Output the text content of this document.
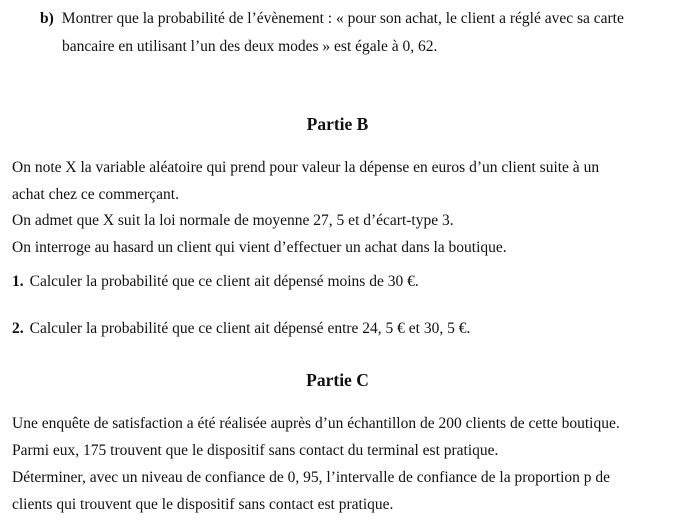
b) Montrer que la probabilité de l’évènement : « pour son achat, le client a réglé avec sa carte
bancaire en utilisant l’un des deux modes » est égale à 0, 62.
Partie B
On note X la variable aléatoire qui prend pour valeur la dépense en euros d’un client suite à un
achat chez ce commerçant.
On admet que X suit la loi normale de moyenne 27, 5 et d’écart-type 3.
On interroge au hasard un client qui vient d’effectuer un achat dans la boutique.
1. Calculer la probabilité que ce client ait dépensé moins de 30 €.
2. Calculer la probabilité que ce client ait dépensé entre 24, 5 € et 30, 5 €.
Partie C
Une enquête de satisfaction a été réalisée auprès d’un échantillon de 200 clients de cette boutique.
Parmi eux, 175 trouvent que le dispositif sans contact du terminal est pratique.
Déterminer, avec un niveau de confiance de 0, 95, l’intervalle de confiance de la proportion p de
clients qui trouvent que le dispositif sans contact est pratique.
